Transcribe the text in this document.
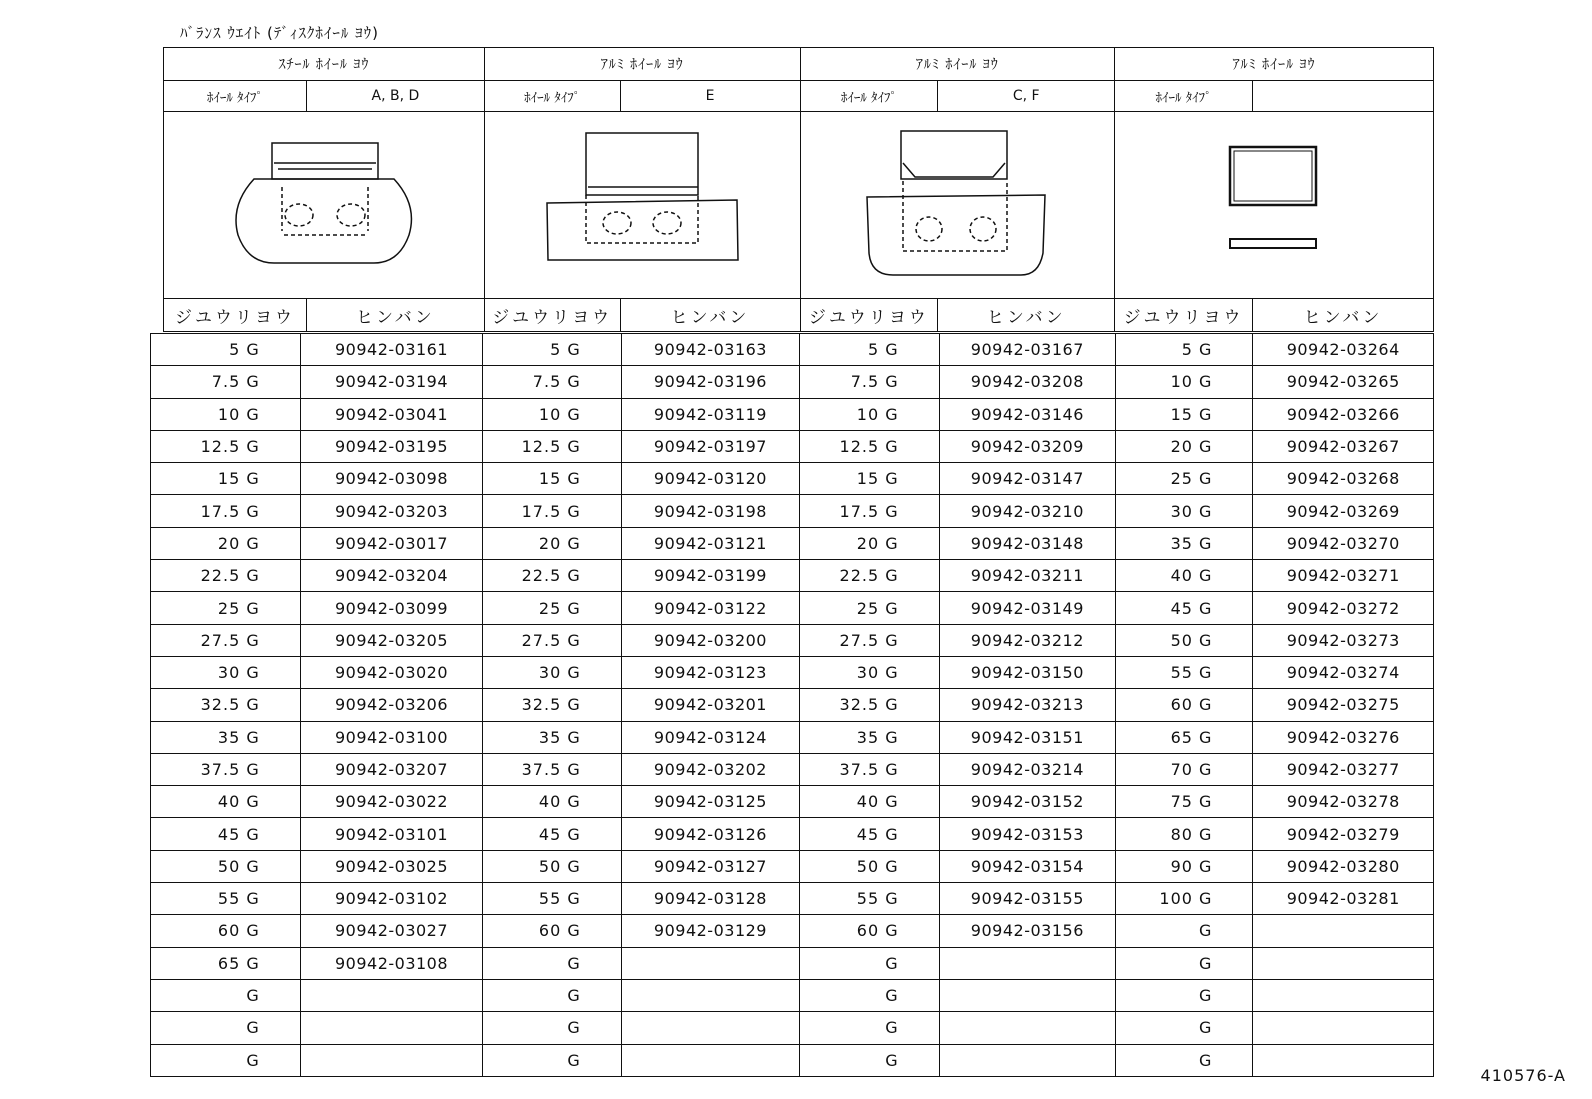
ﾊﾞﾗﾝｽ ｳｴｲﾄ (ﾃﾞｨｽｸﾎｲｰﾙ ﾖｳ)
ｽﾁｰﾙ ﾎｲｰﾙ ﾖｳ		ｱﾙﾐ ﾎｲｰﾙ ﾖｳ		ｱﾙﾐ ﾎｲｰﾙ ﾖｳ		ｱﾙﾐ ﾎｲｰﾙ ﾖｳ	
ﾎｲｰﾙ ﾀｲﾌﾟ	A, B, D	ﾎｲｰﾙ ﾀｲﾌﾟ	E	ﾎｲｰﾙ ﾀｲﾌﾟ	C, F	ﾎｲｰﾙ ﾀｲﾌﾟ	

ジユウリヨウ	ヒンバン	ジユウリヨウ	ヒンバン	ジユウリヨウ	ヒンバン	ジユウリヨウ	ヒンバン
5 G	90942-03161	5 G	90942-03163	5 G	90942-03167	5 G	90942-03264
7.5 G	90942-03194	7.5 G	90942-03196	7.5 G	90942-03208	10 G	90942-03265
10 G	90942-03041	10 G	90942-03119	10 G	90942-03146	15 G	90942-03266
12.5 G	90942-03195	12.5 G	90942-03197	12.5 G	90942-03209	20 G	90942-03267
15 G	90942-03098	15 G	90942-03120	15 G	90942-03147	25 G	90942-03268
17.5 G	90942-03203	17.5 G	90942-03198	17.5 G	90942-03210	30 G	90942-03269
20 G	90942-03017	20 G	90942-03121	20 G	90942-03148	35 G	90942-03270
22.5 G	90942-03204	22.5 G	90942-03199	22.5 G	90942-03211	40 G	90942-03271
25 G	90942-03099	25 G	90942-03122	25 G	90942-03149	45 G	90942-03272
27.5 G	90942-03205	27.5 G	90942-03200	27.5 G	90942-03212	50 G	90942-03273
30 G	90942-03020	30 G	90942-03123	30 G	90942-03150	55 G	90942-03274
32.5 G	90942-03206	32.5 G	90942-03201	32.5 G	90942-03213	60 G	90942-03275
35 G	90942-03100	35 G	90942-03124	35 G	90942-03151	65 G	90942-03276
37.5 G	90942-03207	37.5 G	90942-03202	37.5 G	90942-03214	70 G	90942-03277
40 G	90942-03022	40 G	90942-03125	40 G	90942-03152	75 G	90942-03278
45 G	90942-03101	45 G	90942-03126	45 G	90942-03153	80 G	90942-03279
50 G	90942-03025	50 G	90942-03127	50 G	90942-03154	90 G	90942-03280
55 G	90942-03102	55 G	90942-03128	55 G	90942-03155	100 G	90942-03281
60 G	90942-03027	60 G	90942-03129	60 G	90942-03156	G	
65 G	90942-03108	G		G		G	
G		G		G		G	
G		G		G		G	
G		G		G		G	
410576-A
